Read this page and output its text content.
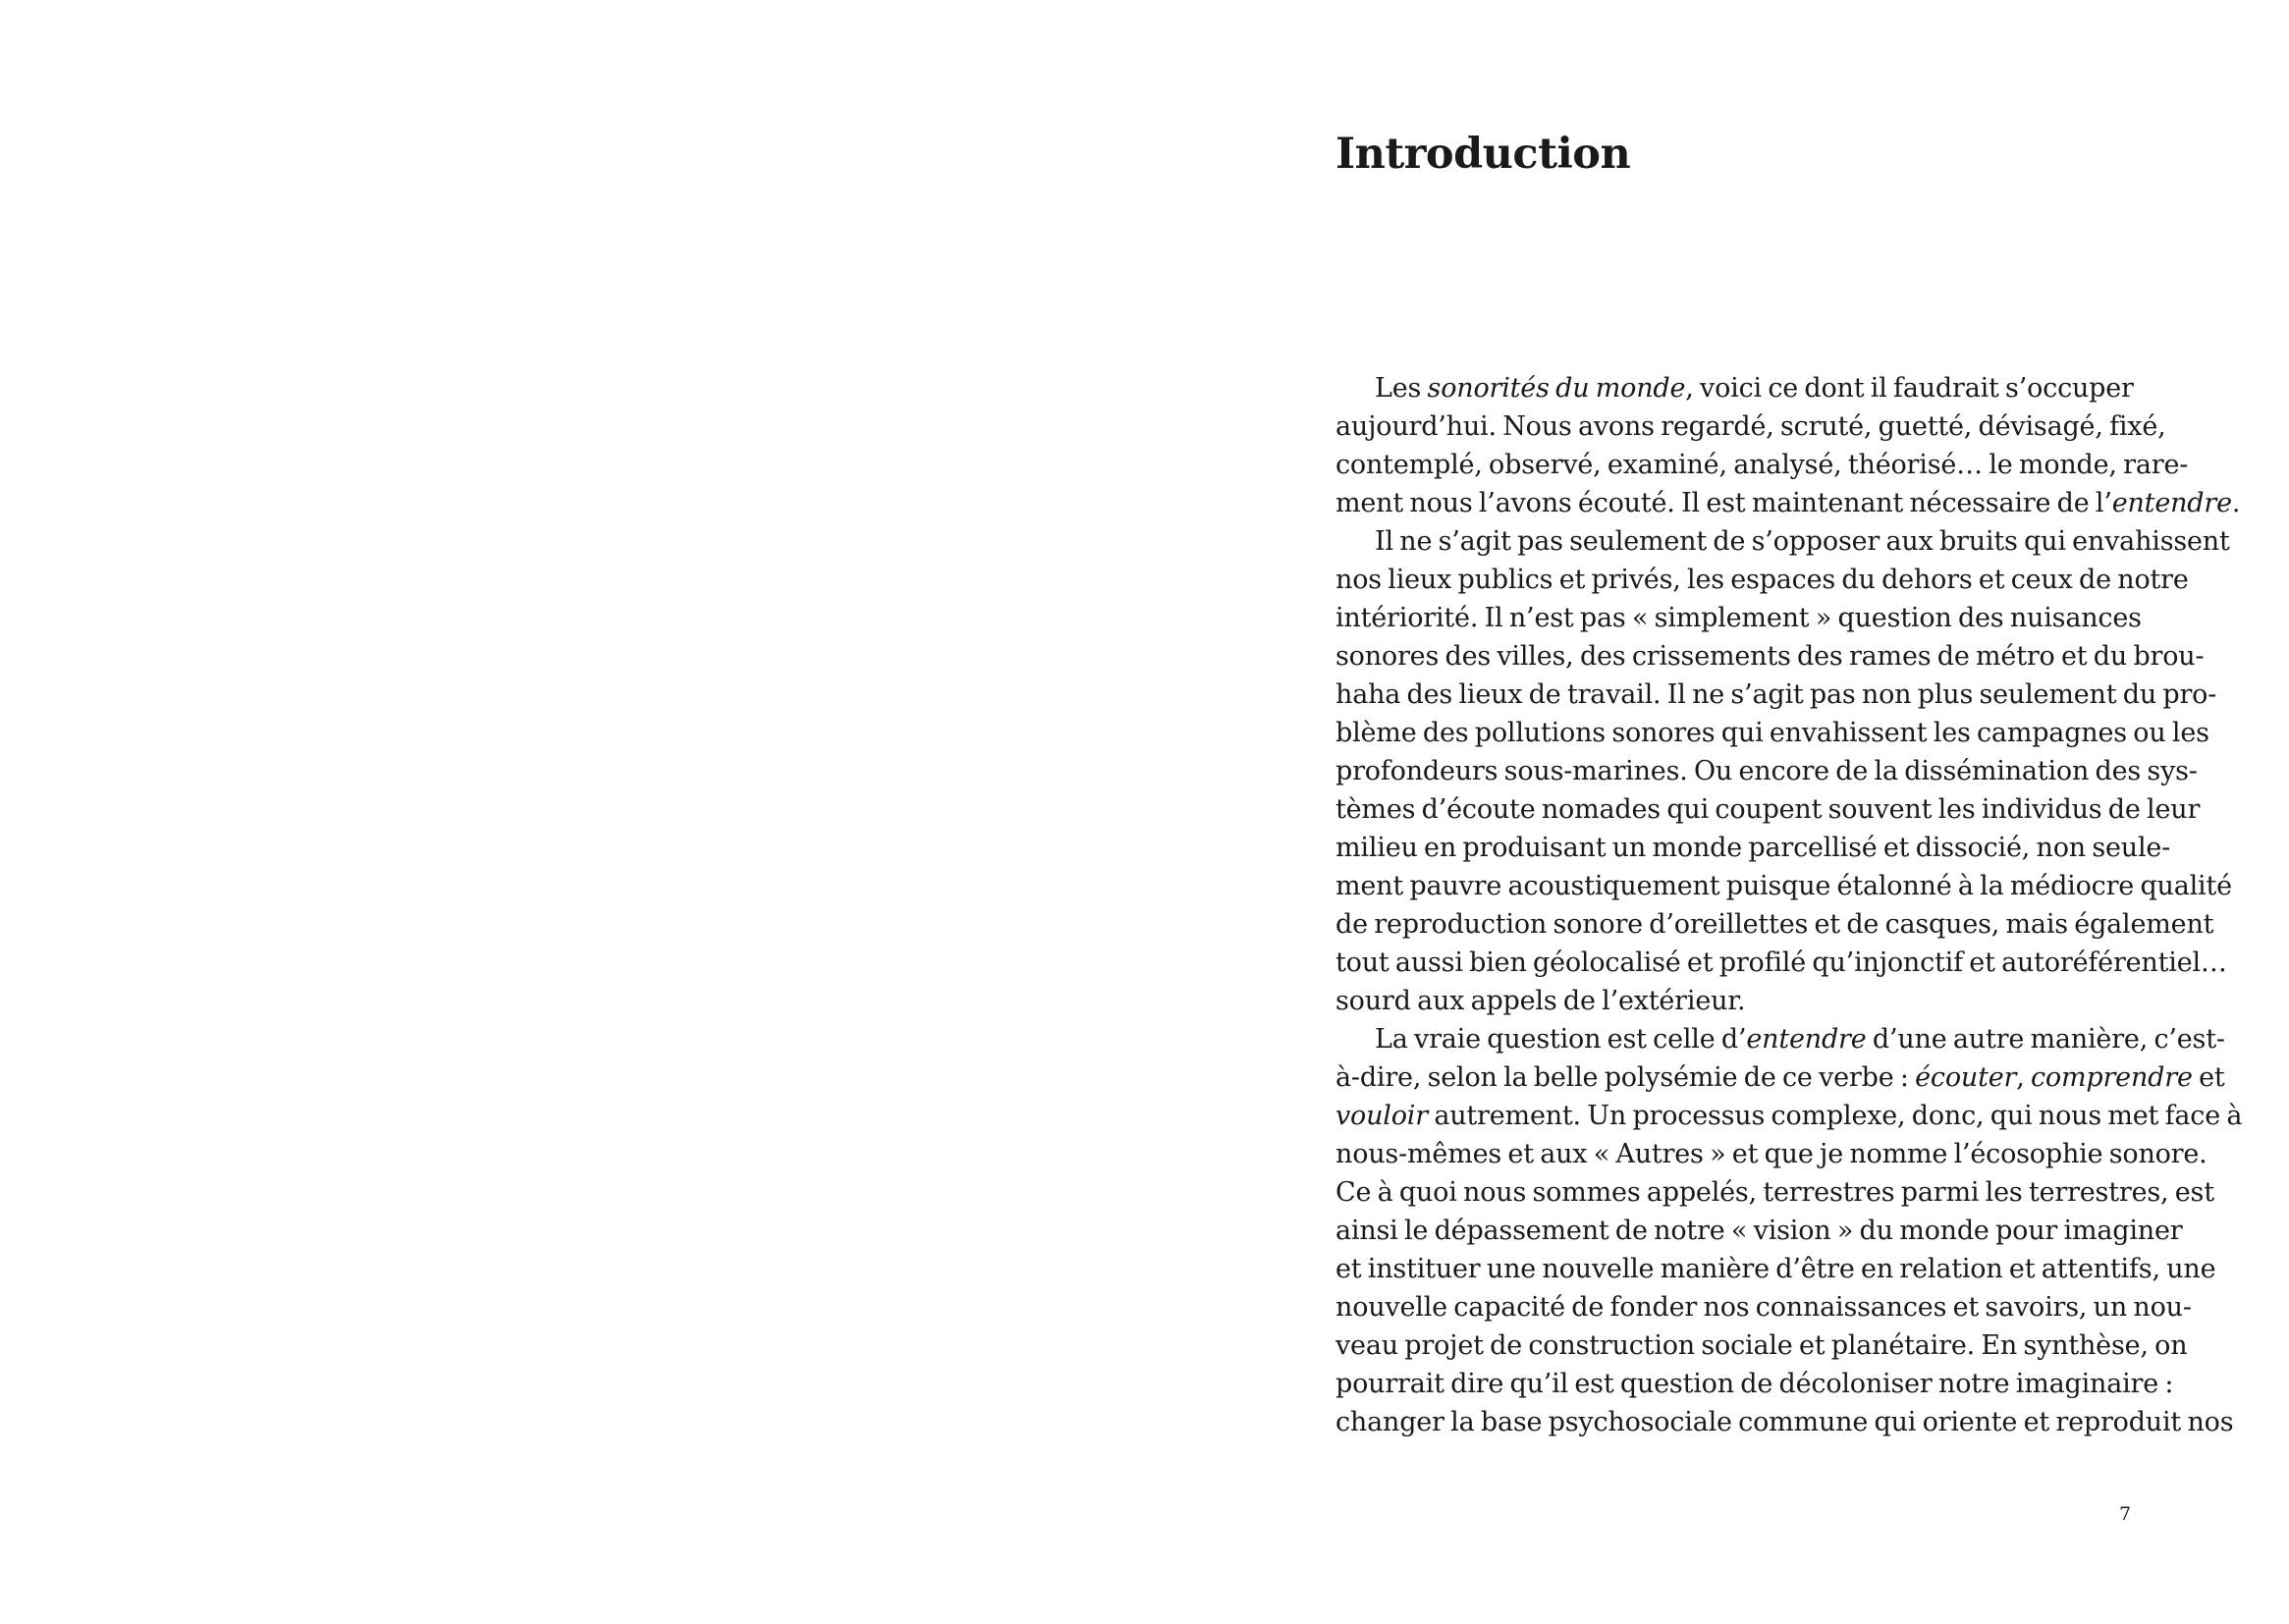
Introduction
Les sonorités du monde, voici ce dont il faudrait s’occuper
aujourd’hui. Nous avons regardé, scruté, guetté, dévisagé, fixé,
contemplé, observé, examiné, analysé, théorisé… le monde, rare-
ment nous l’avons écouté. Il est maintenant nécessaire de l’entendre.
Il ne s’agit pas seulement de s’opposer aux bruits qui envahissent
nos lieux publics et privés, les espaces du dehors et ceux de notre
intériorité. Il n’est pas « simplement » question des nuisances
sonores des villes, des crissements des rames de métro et du brou-
haha des lieux de travail. Il ne s’agit pas non plus seulement du pro-
blème des pollutions sonores qui envahissent les campagnes ou les
profondeurs sous-marines. Ou encore de la dissémination des sys-
tèmes d’écoute nomades qui coupent souvent les individus de leur
milieu en produisant un monde parcellisé et dissocié, non seule-
ment pauvre acoustiquement puisque étalonné à la médiocre qualité
de reproduction sonore d’oreillettes et de casques, mais également
tout aussi bien géolocalisé et profilé qu’injonctif et autoréférentiel…
sourd aux appels de l’extérieur.
La vraie question est celle d’entendre d’une autre manière, c’est-
à-dire, selon la belle polysémie de ce verbe : écouter, comprendre et
vouloir autrement. Un processus complexe, donc, qui nous met face à
nous-mêmes et aux « Autres » et que je nomme l’écosophie sonore.
Ce à quoi nous sommes appelés, terrestres parmi les terrestres, est
ainsi le dépassement de notre « vision » du monde pour imaginer
et instituer une nouvelle manière d’être en relation et attentifs, une
nouvelle capacité de fonder nos connaissances et savoirs, un nou-
veau projet de construction sociale et planétaire. En synthèse, on
pourrait dire qu’il est question de décoloniser notre imaginaire :
changer la base psychosociale commune qui oriente et reproduit nos
7
